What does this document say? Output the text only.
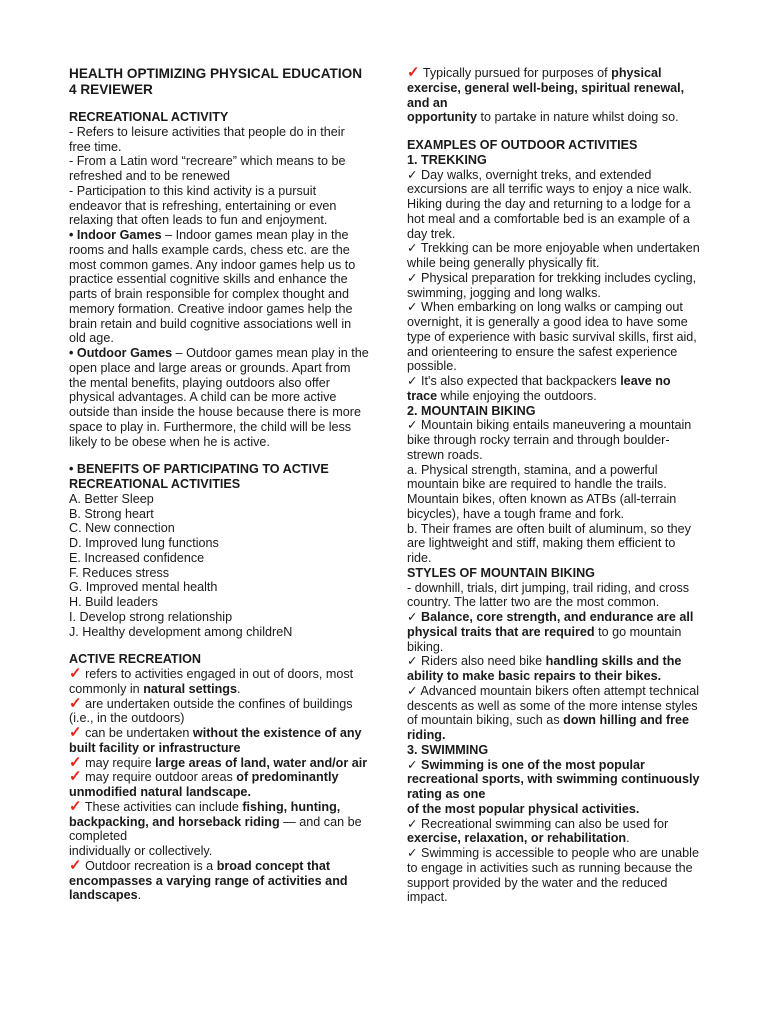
HEALTH OPTIMIZING PHYSICAL EDUCATION 4 REVIEWER

RECREATIONAL ACTIVITY

- Refers to leisure activities that people do in their free time.

- From a Latin word “recreare” which means to be refreshed and to be renewed

- Participation to this kind activity is a pursuit endeavor that is refreshing, entertaining or even relaxing that often leads to fun and enjoyment.

• Indoor Games – Indoor games mean play in the rooms and halls example cards, chess etc. are the most common games. Any indoor games help us to practice essential cognitive skills and enhance the parts of brain responsible for complex thought and memory formation. Creative indoor games help the brain retain and build cognitive associations well in old age.

• Outdoor Games – Outdoor games mean play in the open place and large areas or grounds. Apart from the mental benefits, playing outdoors also offer physical advantages. A child can be more active outside than inside the house because there is more space to play in. Furthermore, the child will be less likely to be obese when he is active.

• BENEFITS OF PARTICIPATING TO ACTIVE RECREATIONAL ACTIVITIES

A. Better Sleep

B. Strong heart

C. New connection

D. Improved lung functions

E. Increased confidence

F. Reduces stress

G. Improved mental health

H. Build leaders

I. Develop strong relationship

J. Healthy development among childreN

ACTIVE RECREATION

✓ refers to activities engaged in out of doors, most commonly in natural settings.

✓ are undertaken outside the confines of buildings (i.e., in the outdoors)

✓ can be undertaken without the existence of any built facility or infrastructure

✓ may require large areas of land, water and/or air

✓ may require outdoor areas of predominantly unmodified natural landscape.

✓ These activities can include fishing, hunting, backpacking, and horseback riding — and can be completed

individually or collectively.

✓ Outdoor recreation is a broad concept that encompasses a varying range of activities and landscapes.

✓ Typically pursued for purposes of physical exercise, general well-being, spiritual renewal, and an

opportunity to partake in nature whilst doing so.

EXAMPLES OF OUTDOOR ACTIVITIES

1. TREKKING

✓ Day walks, overnight treks, and extended excursions are all terrific ways to enjoy a nice walk. Hiking during the day and returning to a lodge for a hot meal and a comfortable bed is an example of a day trek.

✓ Trekking can be more enjoyable when undertaken while being generally physically fit.

✓ Physical preparation for trekking includes cycling, swimming, jogging and long walks.

✓ When embarking on long walks or camping out overnight, it is generally a good idea to have some type of experience with basic survival skills, first aid, and orienteering to ensure the safest experience possible.

✓ It's also expected that backpackers leave no trace while enjoying the outdoors.

2. MOUNTAIN BIKING

✓ Mountain biking entails maneuvering a mountain bike through rocky terrain and through boulder-strewn roads.

a. Physical strength, stamina, and a powerful mountain bike are required to handle the trails. Mountain bikes, often known as ATBs (all-terrain bicycles), have a tough frame and fork.

b. Their frames are often built of aluminum, so they are lightweight and stiff, making them efficient to ride.

STYLES OF MOUNTAIN BIKING

- downhill, trials, dirt jumping, trail riding, and cross country. The latter two are the most common.

✓ Balance, core strength, and endurance are all physical traits that are required to go mountain biking.

✓ Riders also need bike handling skills and the ability to make basic repairs to their bikes.

✓ Advanced mountain bikers often attempt technical descents as well as some of the more intense styles of mountain biking, such as down hilling and free riding.

3. SWIMMING

✓ Swimming is one of the most popular recreational sports, with swimming continuously rating as one

of the most popular physical activities.

✓ Recreational swimming can also be used for exercise, relaxation, or rehabilitation.

✓ Swimming is accessible to people who are unable to engage in activities such as running because the support provided by the water and the reduced impact.
